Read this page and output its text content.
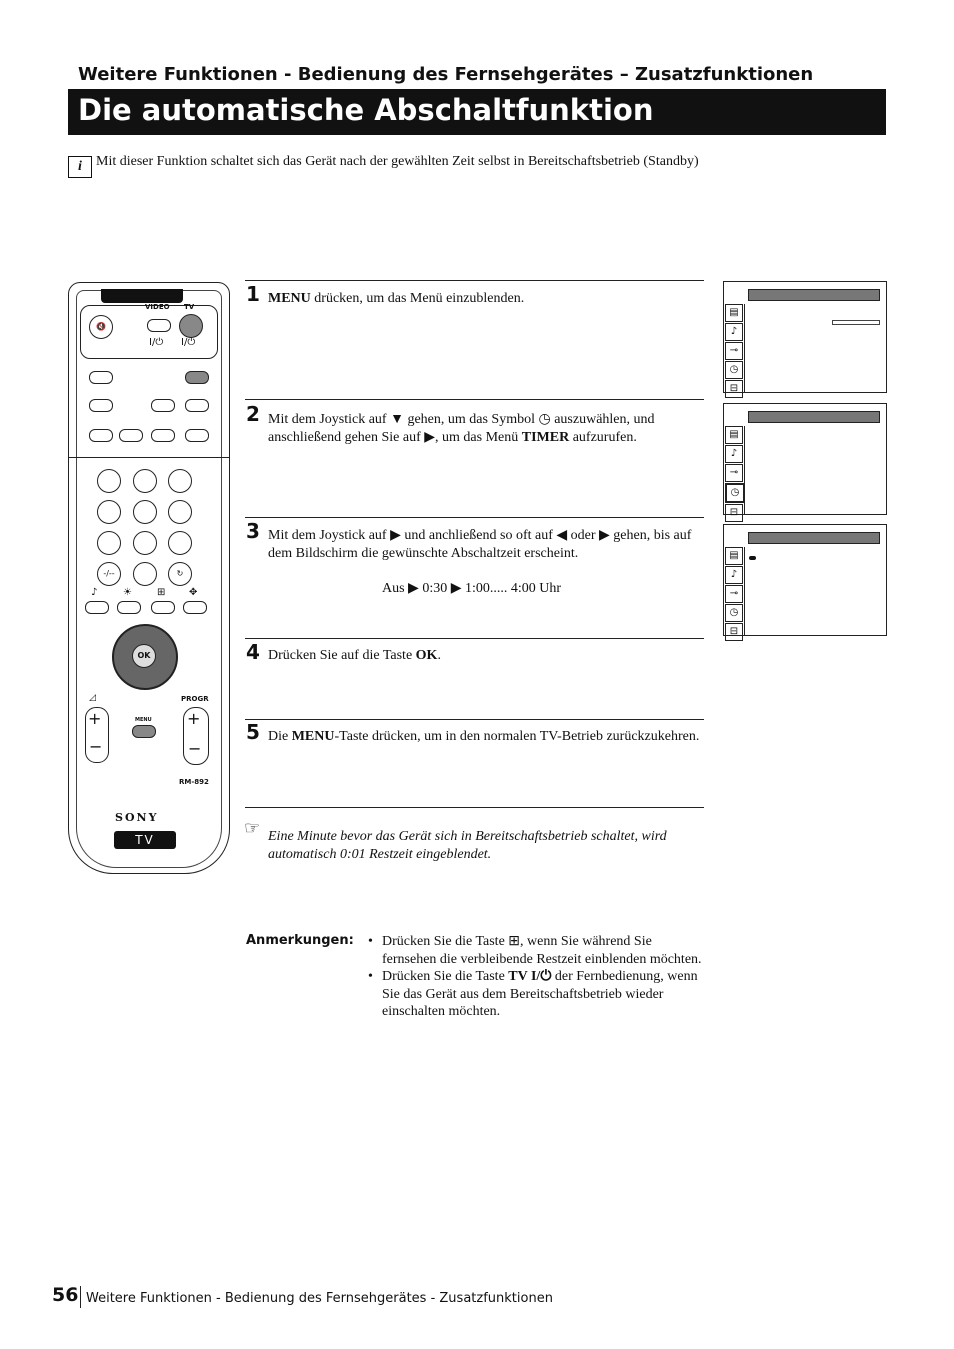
Weitere Funktionen - Bedienung des Fernsehgerätes – Zusatzfunktionen
Die automatische Abschaltfunktion
i	Mit dieser Funktion schaltet sich das Gerät nach der gewählten Zeit selbst in Bereitschaftsbetrieb (Standby)
VIDEO TV
🔇
I/⏻ I/⏻
-/--	↻
♪	☀	⊞ ✥
OK
◿	PROGR
+
−
+
−
MENU
RM-892
SONY
TV
1 MENU drücken, um das Menü einzublenden.
2 Mit dem Joystick auf ▼ gehen, um das Symbol ◷ auszuwählen, und anschließend gehen Sie auf ▶, um das Menü TIMER aufzurufen.
3 Mit dem Joystick auf ▶ und anchließend so oft auf ◀ oder ▶ gehen, bis auf dem Bildschirm die gewünschte Abschaltzeit erscheint.
Aus ▶ 0:30 ▶ 1:00..... 4:00 Uhr
4 Drücken Sie auf die Taste OK.
5 Die MENU-Taste drücken, um in den normalen TV-Betrieb zurückzukehren.
☞ Eine Minute bevor das Gerät sich in Bereitschaftsbetrieb schaltet, wird automatisch 0:01 Restzeit eingeblendet.
▤
♪
⊸
◷
⊟
▤
♪
⊸
◷
⊟
▤
♪
⊸
◷
⊟
Anmerkungen:
•	Drücken Sie die Taste ⊞, wenn Sie während Sie fernsehen die verbleibende Restzeit einblenden möchten.
• Drücken Sie die Taste TV I/⏻ der Fernbedienung, wenn Sie das Gerät aus dem Bereitschaftsbetrieb wieder einschalten möchten.
56 Weitere Funktionen - Bedienung des Fernsehgerätes - Zusatzfunktionen
